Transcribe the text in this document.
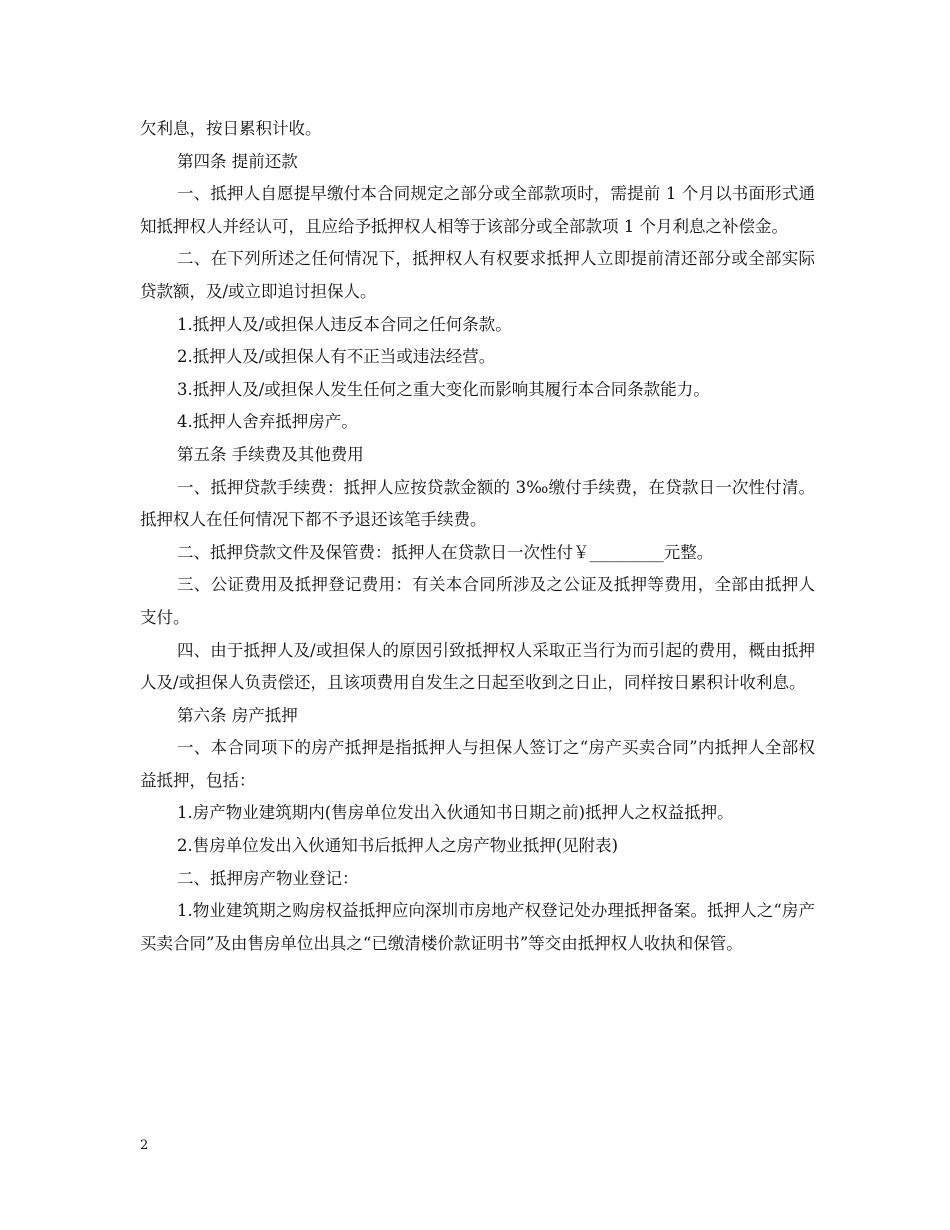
欠利息，按日累积计收。

第四条 提前还款

一、抵押人自愿提早缴付本合同规定之部分或全部款项时，需提前 1 个月以书面形式通知抵押权人并经认可，且应给予抵押权人相等于该部分或全部款项 1 个月利息之补偿金。

二、在下列所述之任何情况下，抵押权人有权要求抵押人立即提前清还部分或全部实际贷款额，及/或立即追讨担保人。

1.抵押人及/或担保人违反本合同之任何条款。

2.抵押人及/或担保人有不正当或违法经营。

3.抵押人及/或担保人发生任何之重大变化而影响其履行本合同条款能力。

4.抵押人舍弃抵押房产。

第五条 手续费及其他费用

一、抵押贷款手续费：抵押人应按贷款金额的 3‰缴付手续费，在贷款日一次性付清。抵押权人在任何情况下都不予退还该笔手续费。

二、抵押贷款文件及保管费：抵押人在贷款日一次性付￥_________元整。

三、公证费用及抵押登记费用：有关本合同所涉及之公证及抵押等费用，全部由抵押人支付。

四、由于抵押人及/或担保人的原因引致抵押权人采取正当行为而引起的费用，概由抵押人及/或担保人负责偿还，且该项费用自发生之日起至收到之日止，同样按日累积计收利息。

第六条 房产抵押

一、本合同项下的房产抵押是指抵押人与担保人签订之“房产买卖合同”内抵押人全部权益抵押，包括：

1.房产物业建筑期内(售房单位发出入伙通知书日期之前)抵押人之权益抵押。

2.售房单位发出入伙通知书后抵押人之房产物业抵押(见附表)

二、抵押房产物业登记：

1.物业建筑期之购房权益抵押应向深圳市房地产权登记处办理抵押备案。抵押人之“房产买卖合同”及由售房单位出具之“已缴清楼价款证明书”等交由抵押权人收执和保管。

2
